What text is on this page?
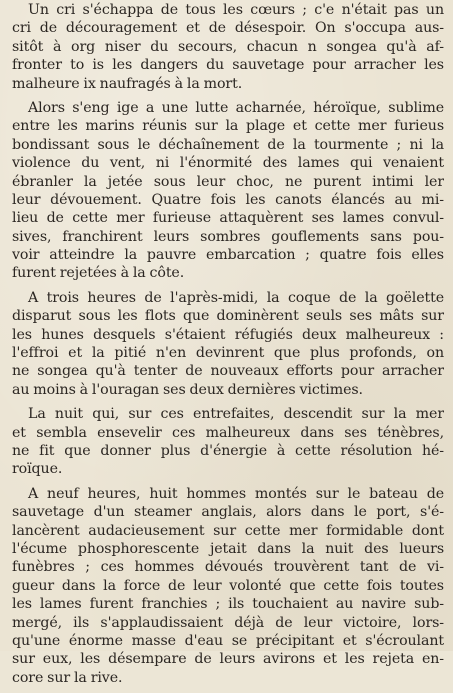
Un cri s'échappa de tous les cœurs ; c'e n'était pas un
cri de découragement et de désespoir. On s'occupa aus-
sitôt à org niser du secours, chacun n songea qu'à af-
fronter to is les dangers du sauvetage pour arracher les
malheure ix naufragés à la mort.
Alors s'eng ige a une lutte acharnée, héroïque, sublime
entre les marins réunis sur la plage et cette mer furieus
bondissant sous le déchaînement de la tourmente ; ni la
violence du vent, ni l'énormité des lames qui venaient
ébranler la jetée sous leur choc, ne purent intimi ler
leur dévouement. Quatre fois les canots élancés au mi-
lieu de cette mer furieuse attaquèrent ses lames convul-
sives, franchirent leurs sombres gouflements sans pou-
voir atteindre la pauvre embarcation ; quatre fois elles
furent rejetées à la côte.
A trois heures de l'après-midi, la coque de la goëlette
disparut sous les flots que dominèrent seuls ses mâts sur
les hunes desquels s'étaient réfugiés deux malheureux :
l'effroi et la pitié n'en devinrent que plus profonds, on
ne songea qu'à tenter de nouveaux efforts pour arracher
au moins à l'ouragan ses deux dernières victimes.
La nuit qui, sur ces entrefaites, descendit sur la mer
et sembla ensevelir ces malheureux dans ses ténèbres,
ne fit que donner plus d'énergie à cette résolution hé-
roïque.
A neuf heures, huit hommes montés sur le bateau de
sauvetage d'un steamer anglais, alors dans le port, s'é-
lancèrent audacieusement sur cette mer formidable dont
l'écume phosphorescente jetait dans la nuit des lueurs
funèbres ; ces hommes dévoués trouvèrent tant de vi-
gueur dans la force de leur volonté que cette fois toutes
les lames furent franchies ; ils touchaient au navire sub-
mergé, ils s'applaudissaient déjà de leur victoire, lors-
qu'une énorme masse d'eau se précipitant et s'écroulant
sur eux, les désempare de leurs avirons et les rejeta en-
core sur la rive.
